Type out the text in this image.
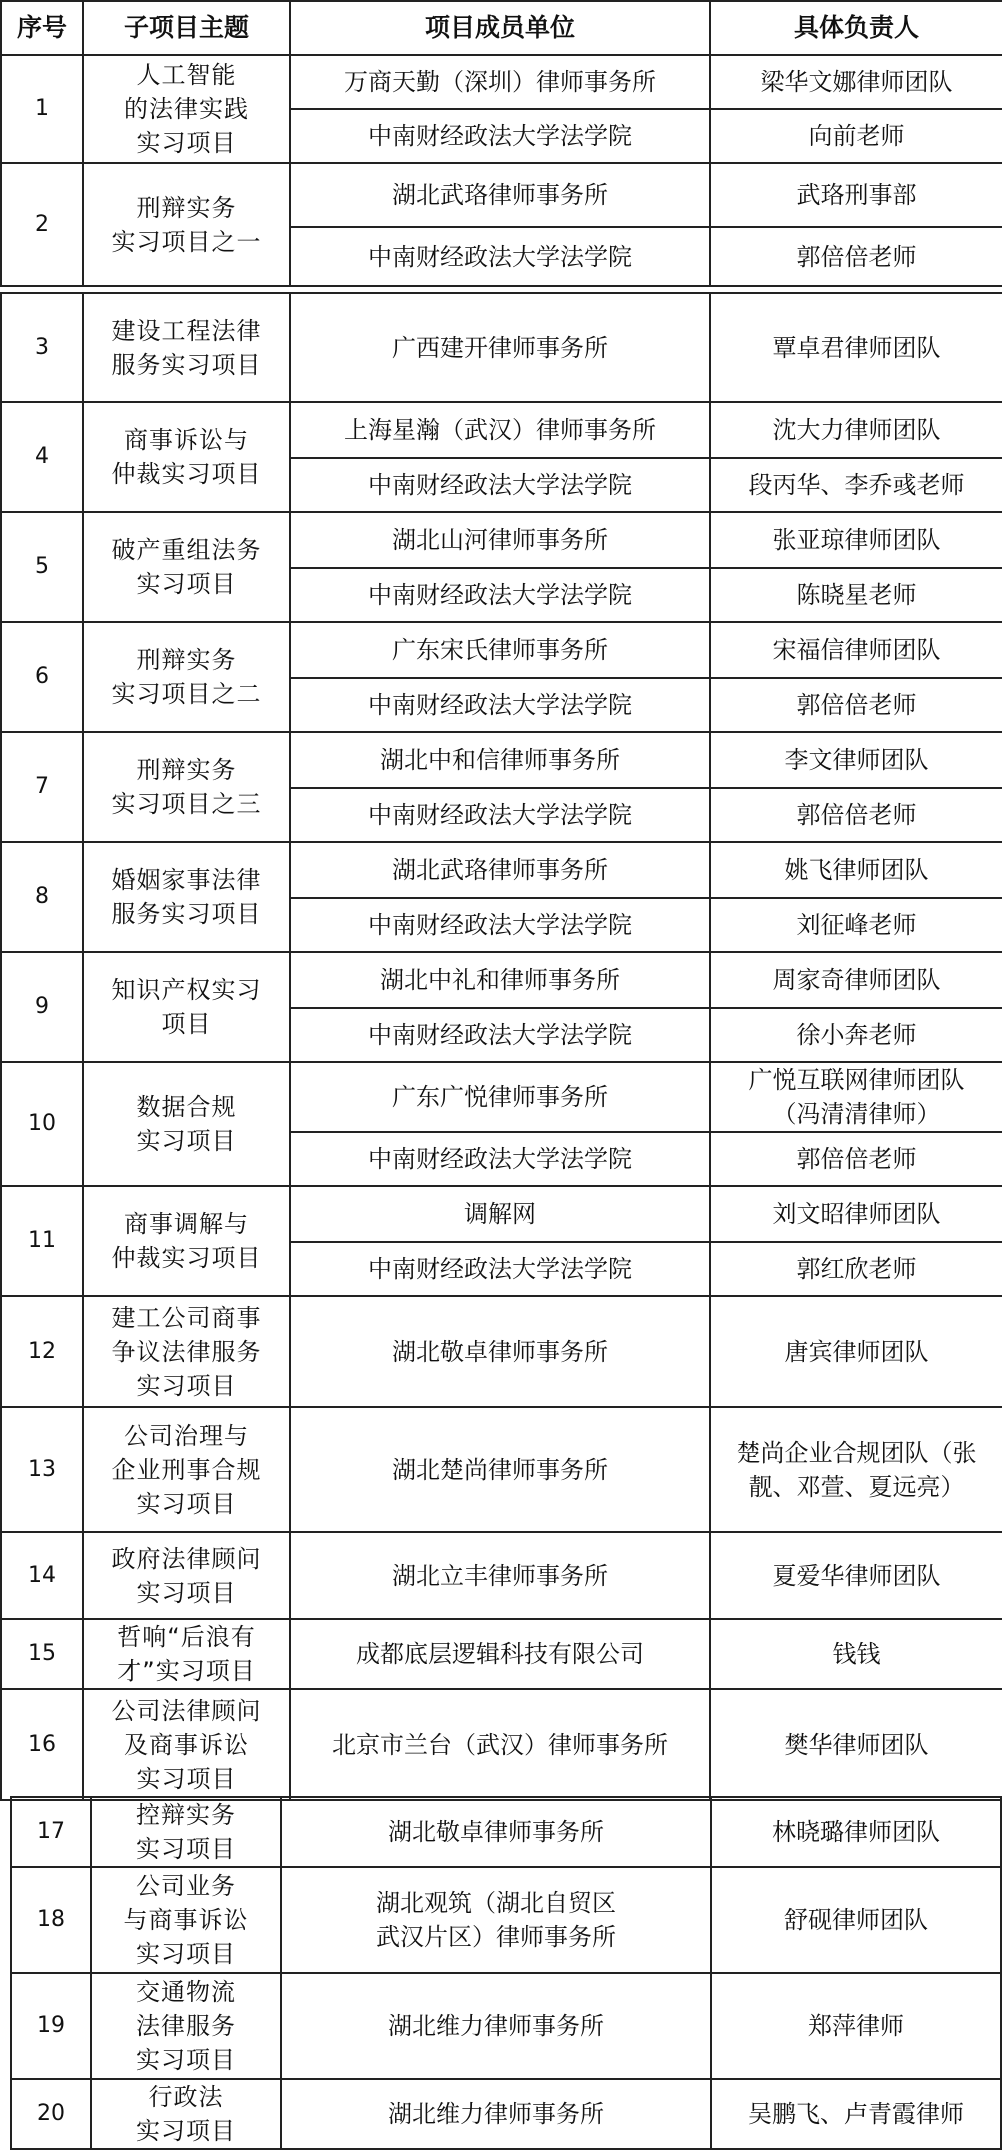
序号	子项目主题	项目成员单位	具体负责人
1	人工智能
的法律实践
实习项目	万商天勤（深圳）律师事务所	梁华文娜律师团队

		中南财经政法大学法学院	向前老师

2	刑辩实务
实习项目之一	湖北武珞律师事务所	武珞刑事部

		中南财经政法大学法学院	郭倍倍老师
3	建设工程法律
服务实习项目	广西建开律师事务所	覃卓君律师团队

4	商事诉讼与
仲裁实习项目	上海星瀚（武汉）律师事务所	沈大力律师团队

		中南财经政法大学法学院	段丙华、李乔彧老师

5	破产重组法务
实习项目	湖北山河律师事务所	张亚琼律师团队

		中南财经政法大学法学院	陈晓星老师

6	刑辩实务
实习项目之二	广东宋氏律师事务所	宋福信律师团队

		中南财经政法大学法学院	郭倍倍老师

7	刑辩实务
实习项目之三	湖北中和信律师事务所	李文律师团队

		中南财经政法大学法学院	郭倍倍老师

8	婚姻家事法律
服务实习项目	湖北武珞律师事务所	姚飞律师团队

		中南财经政法大学法学院	刘征峰老师

9	知识产权实习
项目	湖北中礼和律师事务所	周家奇律师团队

		中南财经政法大学法学院	徐小奔老师

10	数据合规
实习项目	广东广悦律师事务所	广悦互联网律师团队
（冯清清律师）

		中南财经政法大学法学院	郭倍倍老师

11	商事调解与
仲裁实习项目	调解网	刘文昭律师团队

		中南财经政法大学法学院	郭红欣老师

12	建工公司商事
争议法律服务
实习项目	湖北敬卓律师事务所	唐宾律师团队

13	公司治理与
企业刑事合规
实习项目	湖北楚尚律师事务所	楚尚企业合规团队（张
靓、邓萱、夏远亮）

14	政府法律顾问
实习项目	湖北立丰律师事务所	夏爱华律师团队

15	哲响“后浪有
才”实习项目	成都底层逻辑科技有限公司	钱钱

16	公司法律顾问
及商事诉讼
实习项目	北京市兰台（武汉）律师事务所	樊华律师团队
17	控辩实务
实习项目	湖北敬卓律师事务所	林晓璐律师团队

18	公司业务
与商事诉讼
实习项目	湖北观筑（湖北自贸区
武汉片区）律师事务所	舒砚律师团队

19	交通物流
法律服务
实习项目	湖北维力律师事务所	郑萍律师

20	行政法
实习项目	湖北维力律师事务所	吴鹏飞、卢青霞律师
